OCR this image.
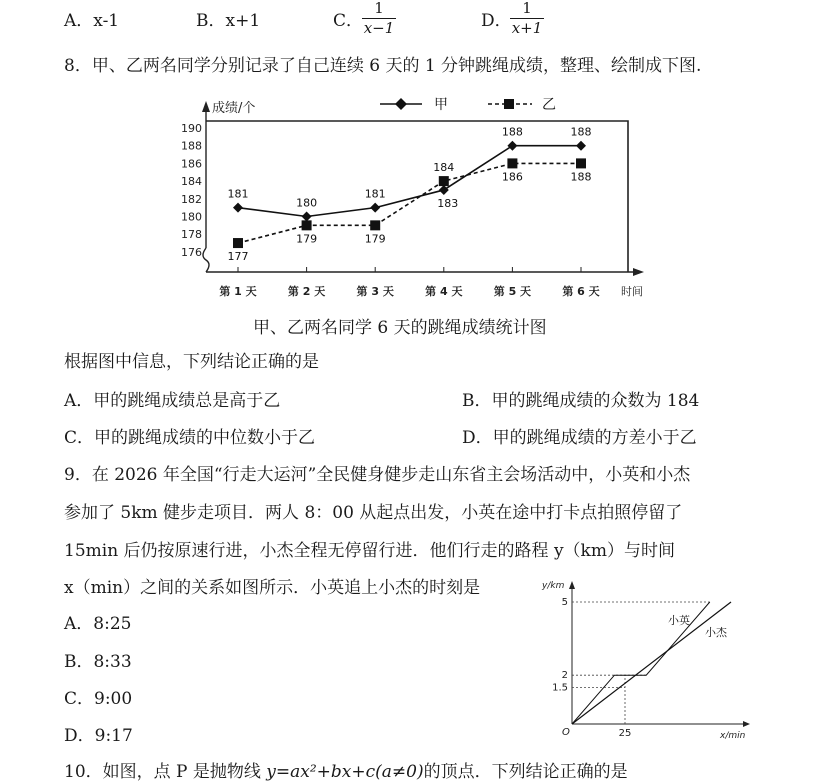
A．x-1	B．x+1	C．
1
x−1	D．
1
x+1
8．甲、乙两名同学分别记录了自己连续 6 天的 1 分钟跳绳成绩，整理、绘制成下图.
成绩/个
时间
176
178
180
182
184
186
188
190
第 1 天	第 2 天	第 3 天	第 4 天	第 5 天	第 6 天
甲	乙
181
180
181
183
188	188
177
179	179
184
186	188
甲、乙两名同学 6 天的跳绳成绩统计图
根据图中信息，下列结论正确的是
A．甲的跳绳成绩总是高于乙	B．甲的跳绳成绩的众数为 184
C．甲的跳绳成绩的中位数小于乙	D．甲的跳绳成绩的方差小于乙
9．在 2026 年全国“行走大运河”全民健身健步走山东省主会场活动中，小英和小杰
参加了 5km 健步走项目．两人 8：00 从起点出发，小英在途中打卡点拍照停留了
15min 后仍按原速行进，小杰全程无停留行进．他们行走的路程 y（km）与时间
x（min）之间的关系如图所示．小英追上小杰的时刻是
A．8:25
B．8:33
C．9:00
D．9:17
y/km
x/min
O
1.5
2
5
25
小英
小杰
10．如图，点 P 是抛物线 y=ax²+bx+c(a≠0)的顶点．下列结论正确的是
